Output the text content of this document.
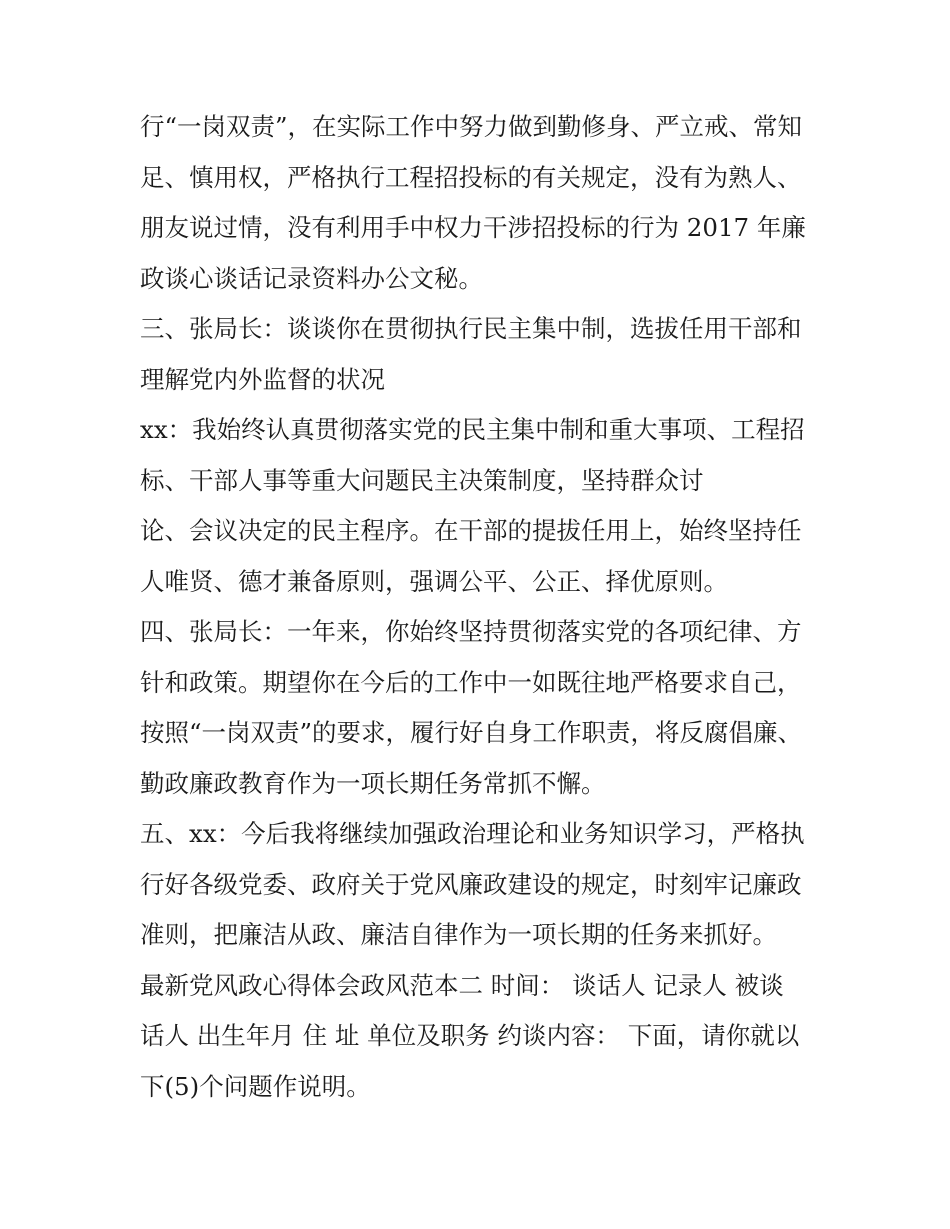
行“一岗双责”，在实际工作中努力做到勤修身、严立戒、常知
足、慎用权，严格执行工程招投标的有关规定，没有为熟人、
朋友说过情，没有利用手中权力干涉招投标的行为 2017 年廉
政谈心谈话记录资料办公文秘。
三、张局长：谈谈你在贯彻执行民主集中制，选拔任用干部和
理解党内外监督的状况
xx：我始终认真贯彻落实党的民主集中制和重大事项、工程招
标、干部人事等重大问题民主决策制度，坚持群众讨
论、会议决定的民主程序。在干部的提拔任用上，始终坚持任
人唯贤、德才兼备原则，强调公平、公正、择优原则。
四、张局长：一年来，你始终坚持贯彻落实党的各项纪律、方
针和政策。期望你在今后的工作中一如既往地严格要求自己，
按照“一岗双责”的要求，履行好自身工作职责，将反腐倡廉、
勤政廉政教育作为一项长期任务常抓不懈。
五、xx：今后我将继续加强政治理论和业务知识学习，严格执
行好各级党委、政府关于党风廉政建设的规定，时刻牢记廉政
准则，把廉洁从政、廉洁自律作为一项长期的任务来抓好。
最新党风政心得体会政风范本二 时间： 谈话人 记录人 被谈
话人 出生年月 住 址 单位及职务 约谈内容： 下面，请你就以
下(5)个问题作说明。
